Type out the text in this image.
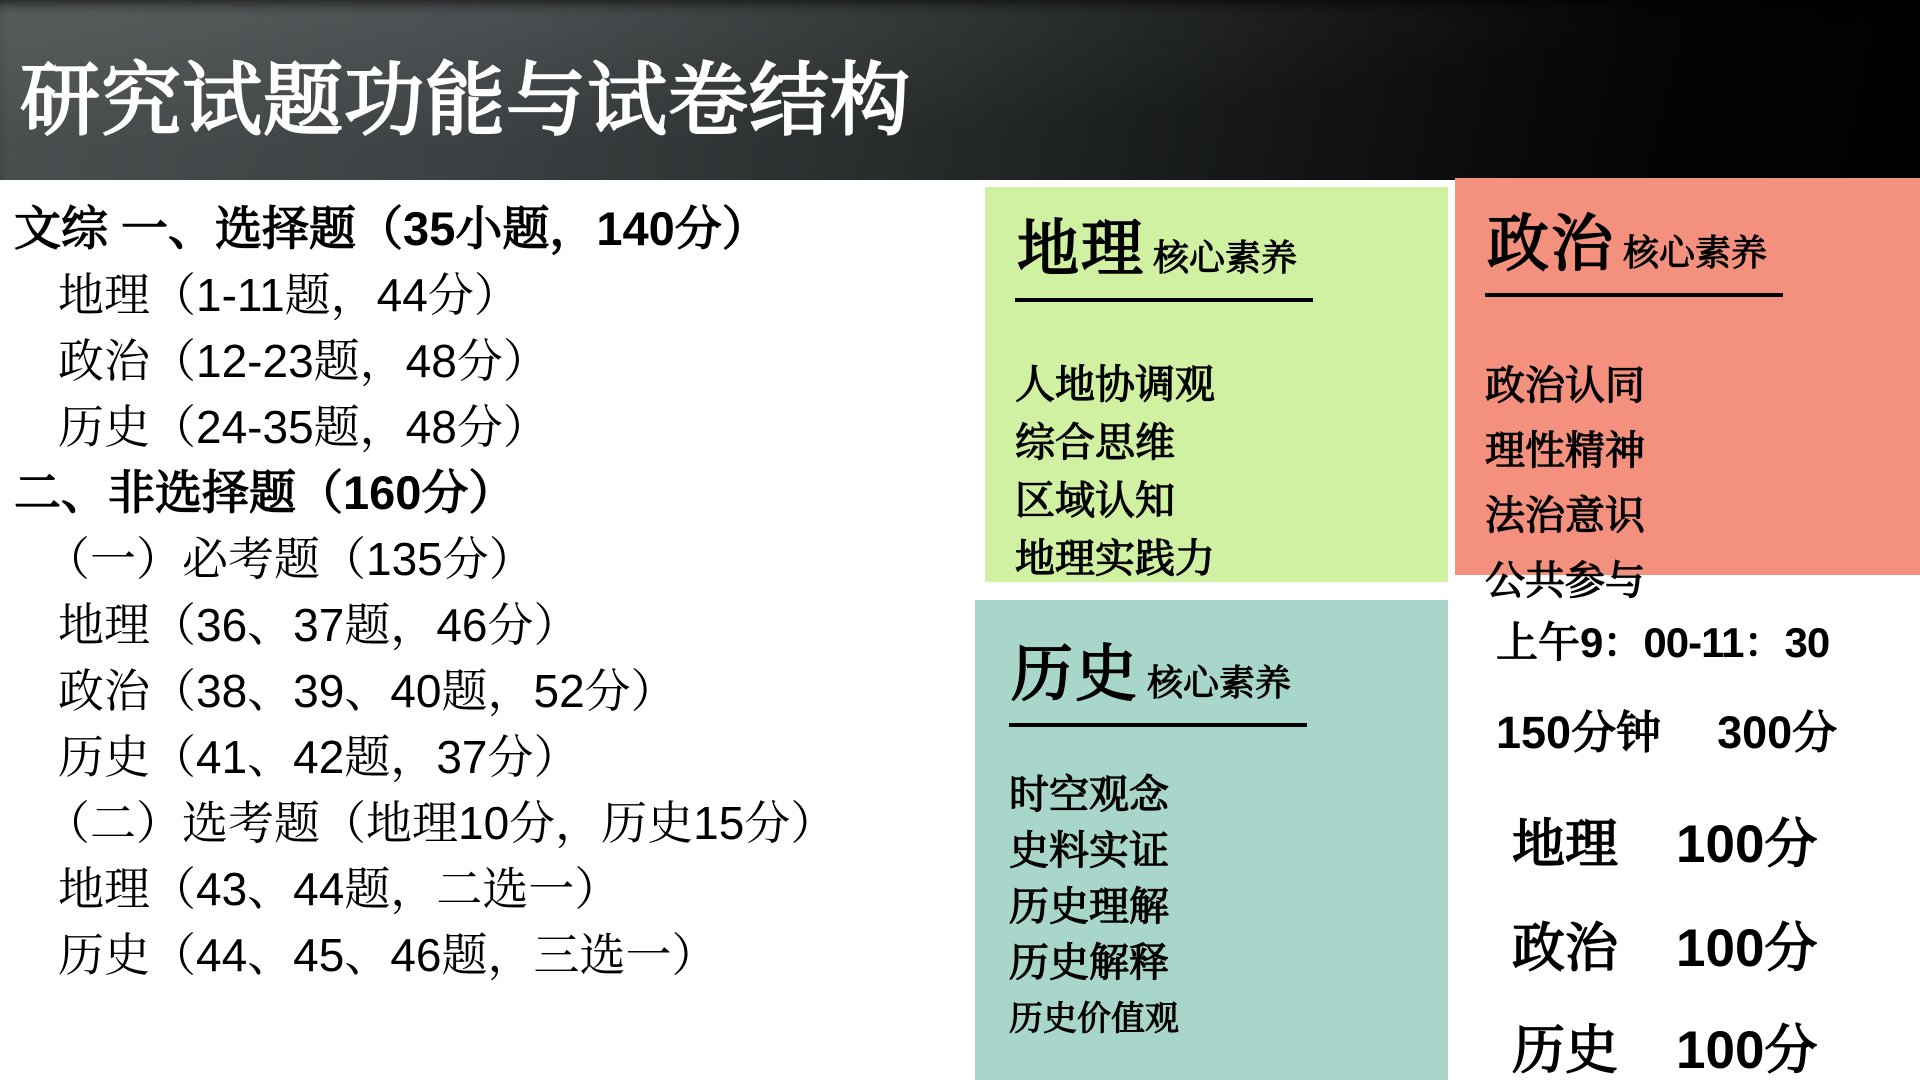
研究试题功能与试卷结构
文综 一、选择题（35小题，140分）
地理（1-11题，44分）
政治（12-23题，48分）
历史（24-35题，48分）
二、非选择题（160分）
（一）必考题（135分）
地理（36、37题，46分）
政治（38、39、40题，52分）
历史（41、42题，37分）
（二）选考题（地理10分，历史15分）
地理（43、44题，二选一）
历史（44、45、46题，三选一）
地理 核心素养
人地协调观
综合思维
区域认知
地理实践力
政治 核心素养
政治认同
理性精神
法治意识
公共参与
历史 核心素养
时空观念
史料实证
历史理解
历史解释
历史价值观
上午9：00-11：30
150分钟 300分
地理 100分
政治 100分
历史 100分
